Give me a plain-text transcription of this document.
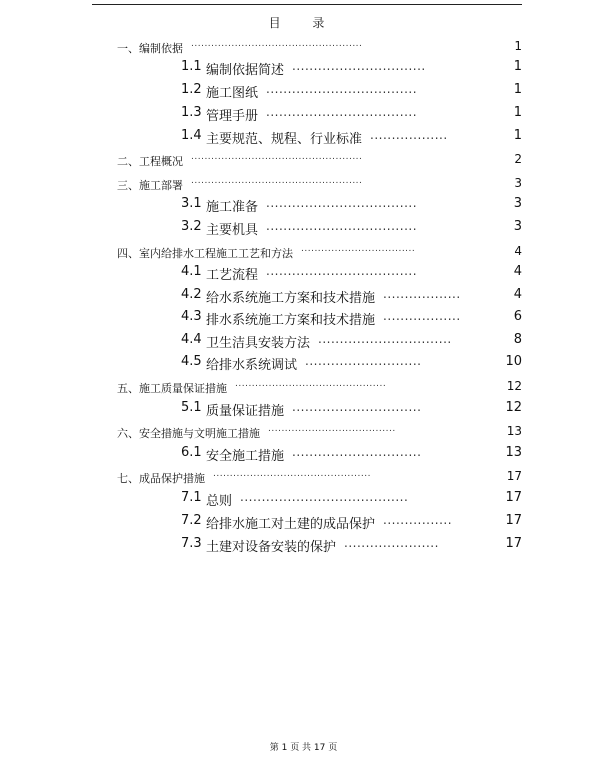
目 录
一、编制依据 ...................................................	1
1.1 编制依据简述 ...............................	1
1.2 施工图纸 ...................................	1
1.3 管理手册 ...................................	1
1.4 主要规范、规程、行业标准 ..................	1
二、工程概况 ...................................................	2
三、施工部署 ...................................................	3
3.1 施工准备 ...................................	3
3.2 主要机具 ...................................	3
四、室内给排水工程施工工艺和方法 ..................................	4
4.1 工艺流程 ...................................	4
4.2 给水系统施工方案和技术措施 ..................	4
4.3 排水系统施工方案和技术措施 ..................	6
4.4 卫生洁具安装方法 ...............................	8
4.5 给排水系统调试 ...........................	10
五、施工质量保证措施 .............................................	12
5.1 质量保证措施 ..............................	12
六、安全措施与文明施工措施 ......................................	13
6.1 安全施工措施 ..............................	13
七、成品保护措施 ...............................................	17
7.1 总则 .......................................	17
7.2 给排水施工对土建的成品保护 ................	17
7.3 土建对设备安装的保护 ......................	17
第 1 页 共 17 页
